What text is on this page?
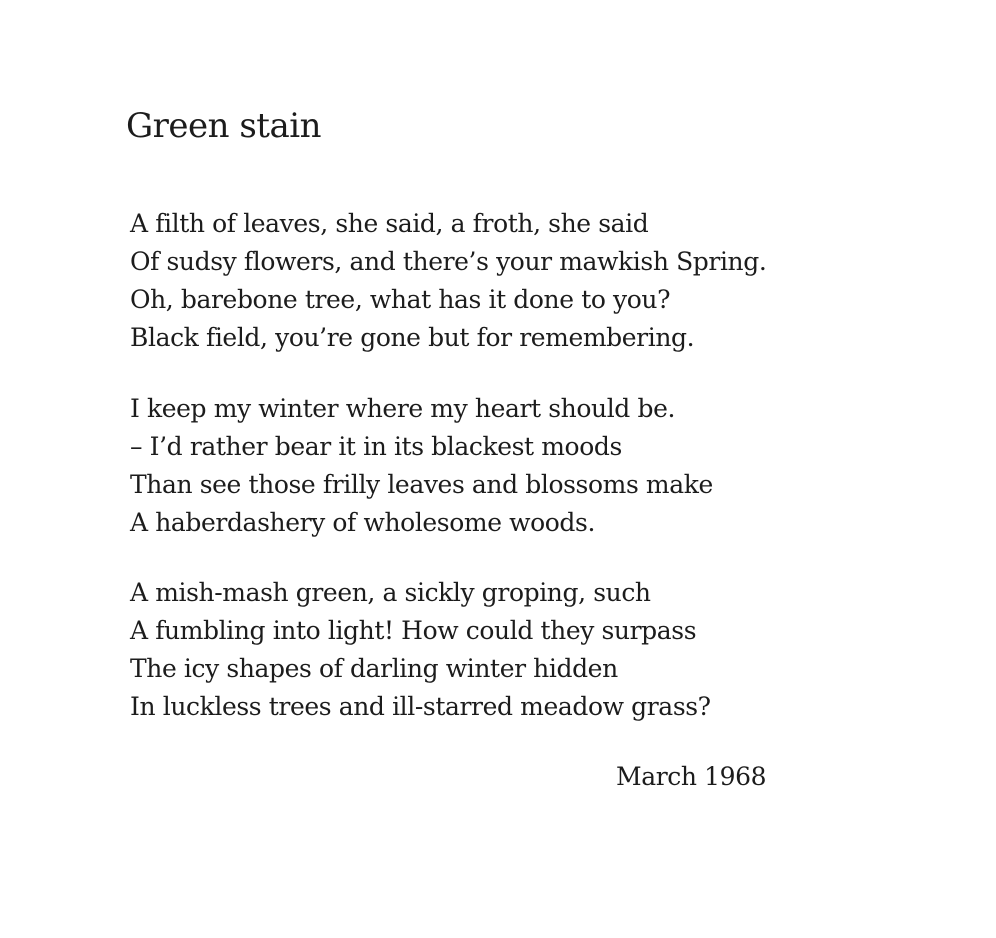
Green stain
A filth of leaves, she said, a froth, she said
Of sudsy flowers, and there’s your mawkish Spring.
Oh, barebone tree, what has it done to you?
Black field, you’re gone but for remembering.
I keep my winter where my heart should be.
– I’d rather bear it in its blackest moods
Than see those frilly leaves and blossoms make
A haberdashery of wholesome woods.
A mish-mash green, a sickly groping, such
A fumbling into light! How could they surpass
The icy shapes of darling winter hidden
In luckless trees and ill-starred meadow grass?
March 1968
